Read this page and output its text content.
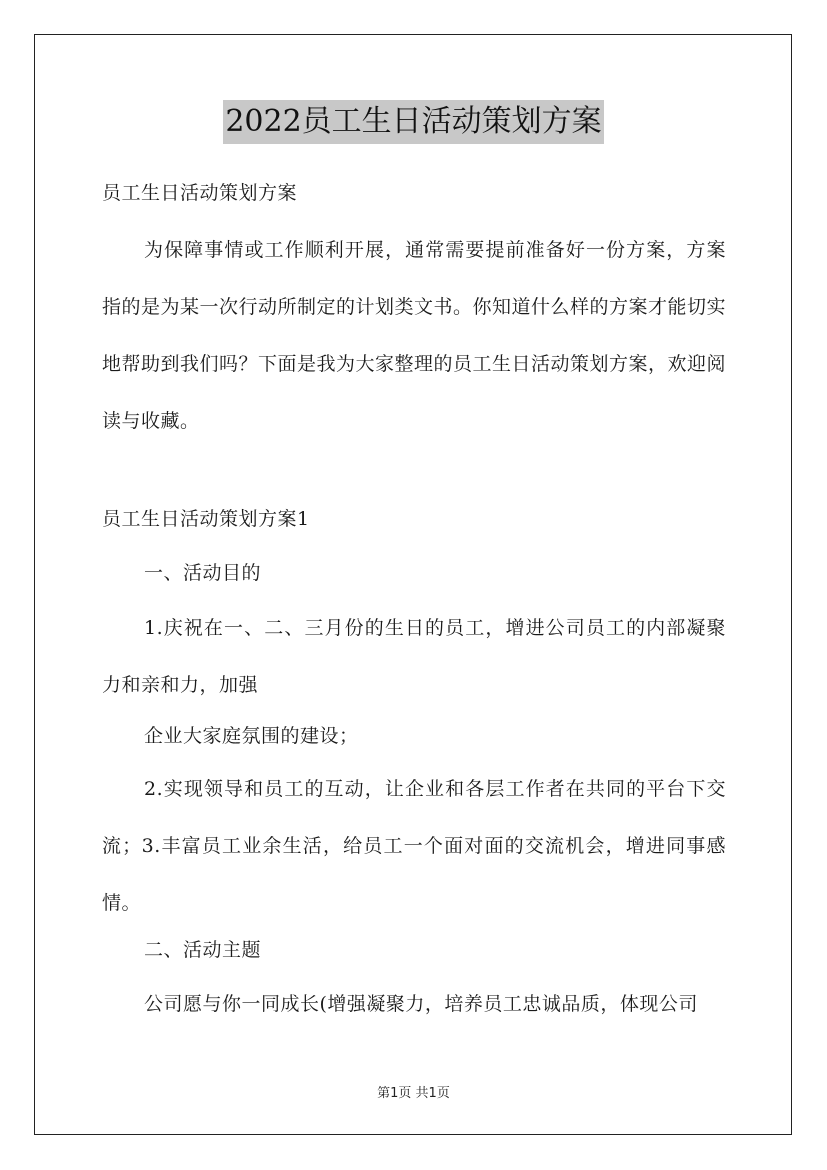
2022员工生日活动策划方案

员工生日活动策划方案

为保障事情或工作顺利开展，通常需要提前准备好一份方案，方案指的是为某一次行动所制定的计划类文书。你知道什么样的方案才能切实地帮助到我们吗？下面是我为大家整理的员工生日活动策划方案，欢迎阅读与收藏。

员工生日活动策划方案1

一、活动目的

1.庆祝在一、二、三月份的生日的员工，增进公司员工的内部凝聚力和亲和力，加强

企业大家庭氛围的建设；

2.实现领导和员工的互动，让企业和各层工作者在共同的平台下交流；3.丰富员工业余生活，给员工一个面对面的交流机会，增进同事感情。

二、活动主题

公司愿与你一同成长(增强凝聚力，培养员工忠诚品质，体现公司

第1页 共1页
